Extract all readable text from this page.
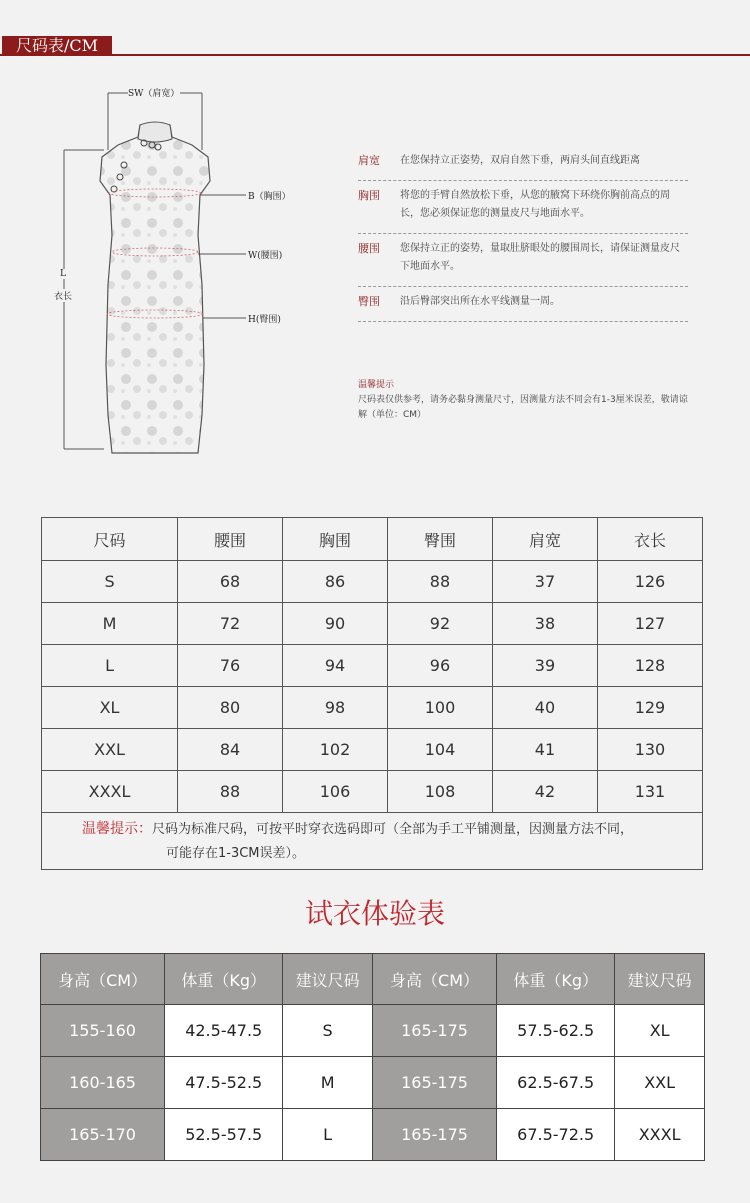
尺码表/CM
SW（肩宽）
B（胸围）
W(腰围)
H(臀围)
L
衣长
肩宽	在您保持立正姿势，双肩自然下垂，两肩头间直线距离
胸围	将您的手臂自然放松下垂，从您的腋窝下环绕你胸前高点的周长，您必须保证您的测量皮尺与地面水平。
腰围	您保持立正的姿势，量取肚脐眼处的腰围周长，请保证测量皮尺下地面水平。
臀围	沿后臀部突出所在水平线测量一周。
温馨提示
尺码表仅供参考，请务必黏身测量尺寸，因测量方法不同会有1-3厘米误差，敬请谅解（单位：CM）
尺码	腰围	胸围	臀围	肩宽	衣长
S	68	86	88	37	126
M	72	90	92	38	127
L	76	94	96	39	128
XL	80	98	100	40	129
XXL	84	102	104	41	130
XXXL	88	106	108	42	131
温馨提示：尺码为标准尺码，可按平时穿衣选码即可（全部为手工平铺测量，因测量方法不同，
可能存在1-3CM误差）。					
试衣体验表
身高（CM）	体重（Kg）	建议尺码	身高（CM）	体重（Kg）	建议尺码
155-160	42.5-47.5	S	165-175	57.5-62.5	XL
160-165	47.5-52.5	M	165-175	62.5-67.5	XXL
165-170	52.5-57.5	L	165-175	67.5-72.5	XXXL
